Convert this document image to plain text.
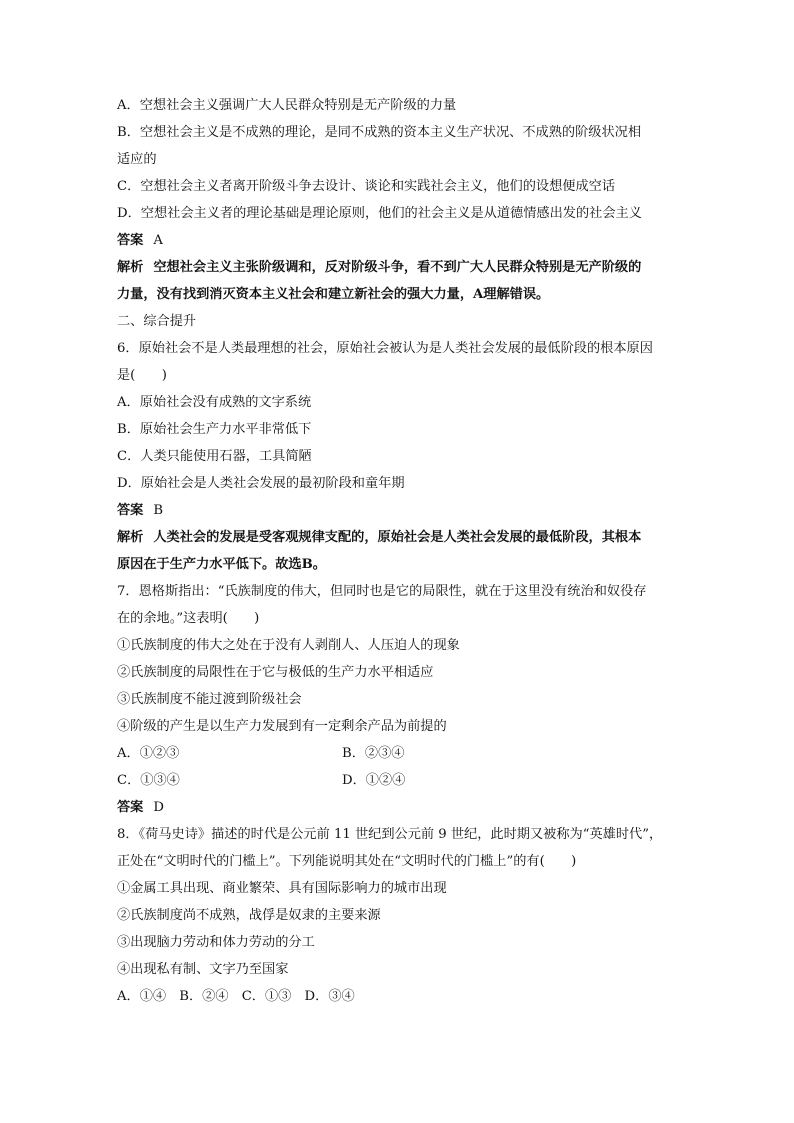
A．空想社会主义强调广大人民群众特别是无产阶级的力量
B．空想社会主义是不成熟的理论，是同不成熟的资本主义生产状况、不成熟的阶级状况相
适应的
C．空想社会主义者离开阶级斗争去设计、谈论和实践社会主义，他们的设想便成空话
D．空想社会主义者的理论基础是理论原则，他们的社会主义是从道德情感出发的社会主义
答案 A
解析 空想社会主义主张阶级调和，反对阶级斗争，看不到广大人民群众特别是无产阶级的
力量，没有找到消灭资本主义社会和建立新社会的强大力量，A理解错误。
二、综合提升
6．原始社会不是人类最理想的社会，原始社会被认为是人类社会发展的最低阶段的根本原因
是(　　)
A．原始社会没有成熟的文字系统
B．原始社会生产力水平非常低下
C．人类只能使用石器，工具简陋
D．原始社会是人类社会发展的最初阶段和童年期
答案 B
解析 人类社会的发展是受客观规律支配的，原始社会是人类社会发展的最低阶段，其根本
原因在于生产力水平低下。故选B。
7．恩格斯指出：“氏族制度的伟大，但同时也是它的局限性，就在于这里没有统治和奴役存
在的余地。”这表明(　　)
①氏族制度的伟大之处在于没有人剥削人、人压迫人的现象
②氏族制度的局限性在于它与极低的生产力水平相适应
③氏族制度不能过渡到阶级社会
④阶级的产生是以生产力发展到有一定剩余产品为前提的
A．①②③	B．②③④
C．①③④	D．①②④
答案 D
8．《荷马史诗》描述的时代是公元前 11 世纪到公元前 9 世纪，此时期又被称为“英雄时代”，
正处在“文明时代的门槛上”。下列能说明其处在“文明时代的门槛上”的有(　　)
①金属工具出现、商业繁荣、具有国际影响力的城市出现
②氏族制度尚不成熟，战俘是奴隶的主要来源
③出现脑力劳动和体力劳动的分工
④出现私有制、文字乃至国家
A．①④　B．②④　C．①③　D．③④
